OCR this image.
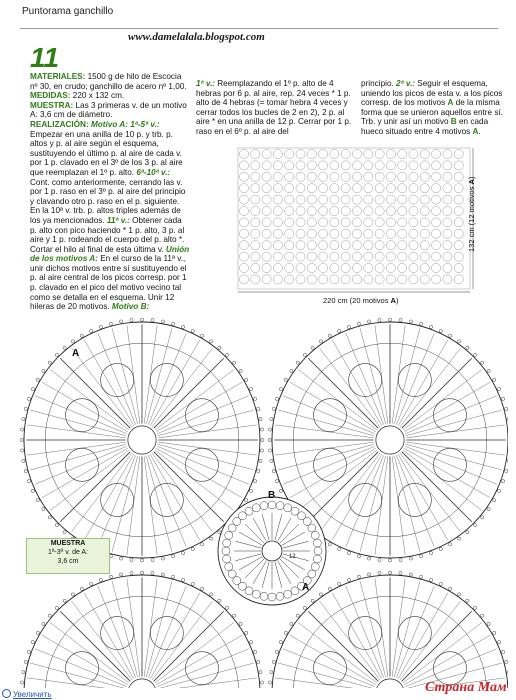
Puntorama ganchillo
www.damelalala.blogspot.com
11
MATERIALES: 1500 g de hilo de Escocia nº 30, en crudo; ganchillo de acero nº 1,00.
MEDIDAS: 220 x 132 cm.
MUESTRA: Las 3 primeras v. de un motivo A: 3,6 cm de diámetro.
REALIZACIÓN: Motivo A: 1ª-5ª v.: Empezar en una anilla de 10 p. y trb. p. altos y p. al aire según el esquema, sustituyendo el último p. al aire de cada v. por 1 p. clavado en el 3º de los 3 p. al aire que reemplazan el 1º p. alto. 6ª-10ª v.: Cont. como anteriormente, cerrando las v. por 1 p. raso en el 3º p. al aire del principio y clavando otro p. raso en el p. siguiente. En la 10ª v. trb. p. altos triples además de los ya mencionados. 11ª v.: Obtener cada p. alto con pico haciendo * 1 p. alto, 3 p. al aire y 1 p. rodeando el cuerpo del p. alto *. Cortar el hilo al final de esta última v. Unión de los motivos A: En el curso de la 11ª v., unir dichos motivos entre sí sustituyendo el p. al aire central de los picos corresp. por 1 p. clavado en el pico del motivo vecino tal como se detalla en el esquema. Unir 12 hileras de 20 motivos. Motivo B:
1ª v.: Reemplazando el 1º p. alto de 4 hebras por 6 p. al aire, rep. 24 veces * 1 p. alto de 4 hebras (= tomar hebra 4 veces y cerrar todos los bucles de 2 en 2), 2 p. al aire * en una anilla de 12 p. Cerrar por 1 p. raso en el 6º p. al aire del
principio. 2ª v.: Seguir el esquema, uniendo los picos de esta v. a los picos corresp. de los motivos A de la misma forma que se unieron aquellos entre sí. Trb. y unir así un motivo B en cada hueco situado entre 4 motivos A.
220 cm (20 motivos A)
132 cm (12 motivos A)
A
B
A
12
MUESTRA
1ª-3ª v. de A:
3,6 cm
Увеличить	Страна Мам
